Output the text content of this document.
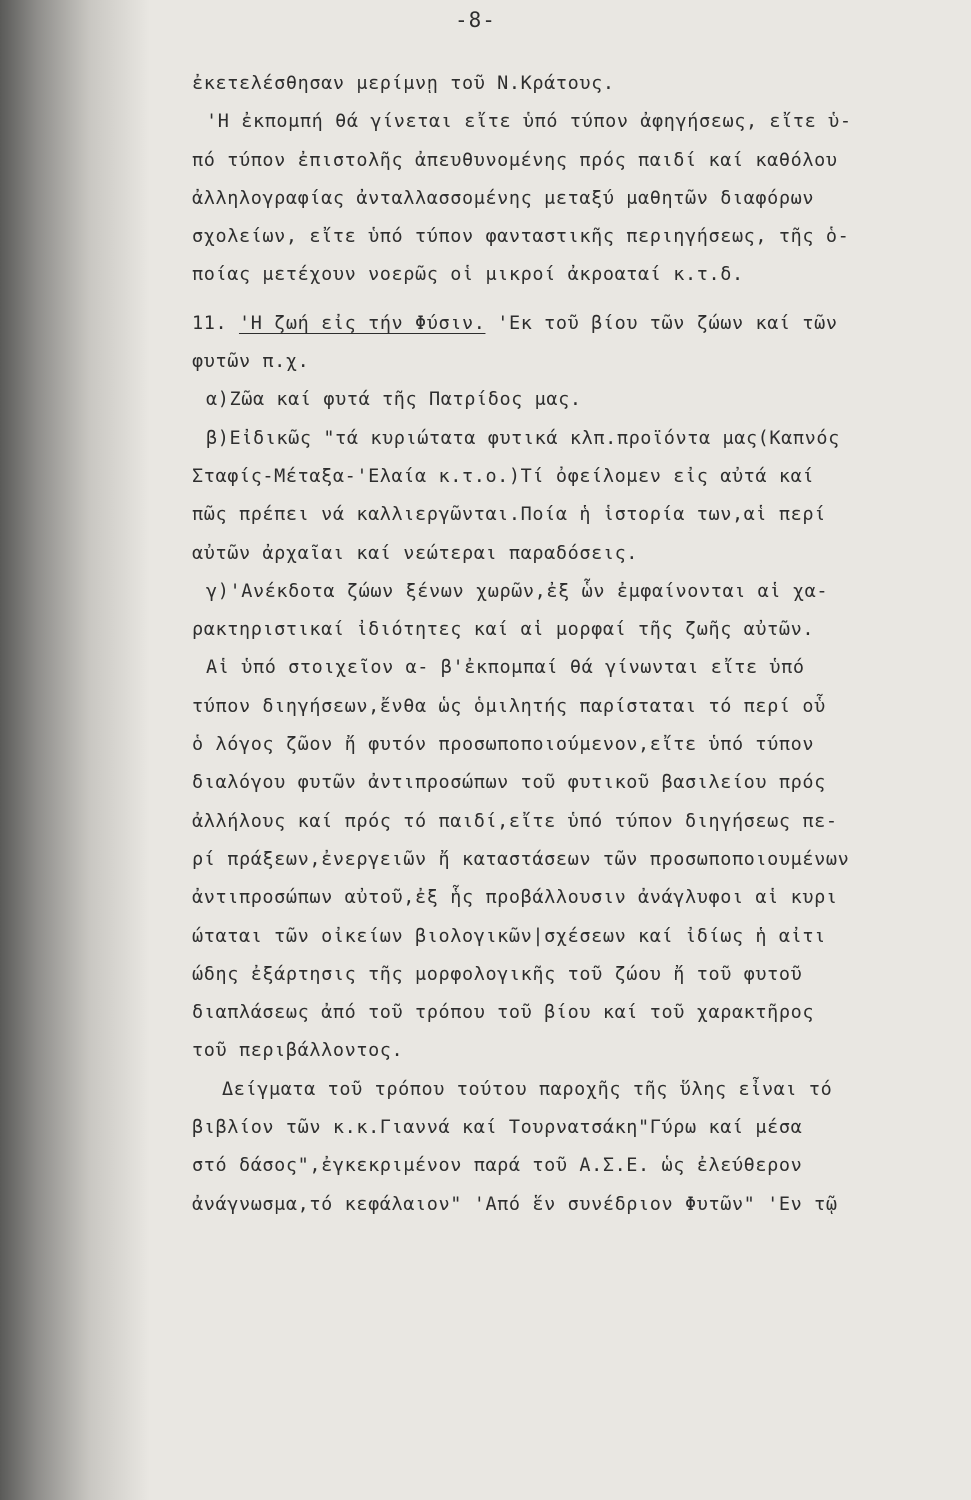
-8-
ἐκετελέσθησαν μερίμνῃ τοῦ Ν.Κράτους.
'Η ἐκπομπή θά γίνεται εἴτε ὑπό τύπον ἀφηγήσεως, εἴτε ὑ-
πό τύπον ἐπιστολῆς ἀπευθυνομένης πρός παιδί καί καθόλου
ἀλληλογραφίας ἀνταλλασσομένης μεταξύ μαθητῶν διαφόρων
σχολείων, εἴτε ὑπό τύπον φανταστικῆς περιηγήσεως, τῆς ὁ-
ποίας μετέχουν νοερῶς οἱ μικροί ἀκροαταί κ.τ.δ.
11. 'Η ζωή εἰς τήν Φύσιν. 'Εκ τοῦ βίου τῶν ζώων καί τῶν
φυτῶν π.χ.
α)Ζῶα καί φυτά τῆς Πατρίδος μας.
β)Εἰδικῶς "τά κυριώτατα φυτικά κλπ.προϊόντα μας(Καπνός
Σταφίς-Μέταξα-'Ελαία κ.τ.ο.)Τί ὀφείλομεν εἰς αὐτά καί
πῶς πρέπει νά καλλιεργῶνται.Ποία ἡ ἱστορία των,αἱ περί
αὐτῶν ἀρχαῖαι καί νεώτεραι παραδόσεις.
γ)'Ανέκδοτα ζώων ξένων χωρῶν,ἐξ ὧν ἐμφαίνονται αἱ χα-
ρακτηριστικαί ἰδιότητες καί αἱ μορφαί τῆς ζωῆς αὐτῶν.
Αἱ ὑπό στοιχεῖον α- β'ἐκπομπαί θά γίνωνται εἴτε ὑπό
τύπον διηγήσεων,ἔνθα ὡς ὁμιλητής παρίσταται τό περί οὗ
ὁ λόγος ζῶον ἤ φυτόν προσωποποιούμενον,εἴτε ὑπό τύπον
διαλόγου φυτῶν ἀντιπροσώπων τοῦ φυτικοῦ βασιλείου πρός
ἀλλήλους καί πρός τό παιδί,εἴτε ὑπό τύπον διηγήσεως πε-
ρί πράξεων,ἐνεργειῶν ἤ καταστάσεων τῶν προσωποποιουμένων
ἀντιπροσώπων αὐτοῦ,ἐξ ἧς προβάλλουσιν ἀνάγλυφοι αἱ κυρι
ώταται τῶν οἰκείων βιολογικῶν|σχέσεων καί ἰδίως ἡ αἰτι
ώδης ἐξάρτησις τῆς μορφολογικῆς τοῦ ζώου ἤ τοῦ φυτοῦ
διαπλάσεως ἀπό τοῦ τρόπου τοῦ βίου καί τοῦ χαρακτῆρος
τοῦ περιβάλλοντος.
Δείγματα τοῦ τρόπου τούτου παροχῆς τῆς ὕλης εἶναι τό
βιβλίον τῶν κ.κ.Γιαννά καί Τουρνατσάκη"Γύρω καί μέσα
στό δάσος",ἐγκεκριμένον παρά τοῦ Α.Σ.Ε. ὡς ἐλεύθερον
ἀνάγνωσμα,τό κεφάλαιον" 'Από ἕν συνέδριον Φυτῶν" 'Εν τῷ
